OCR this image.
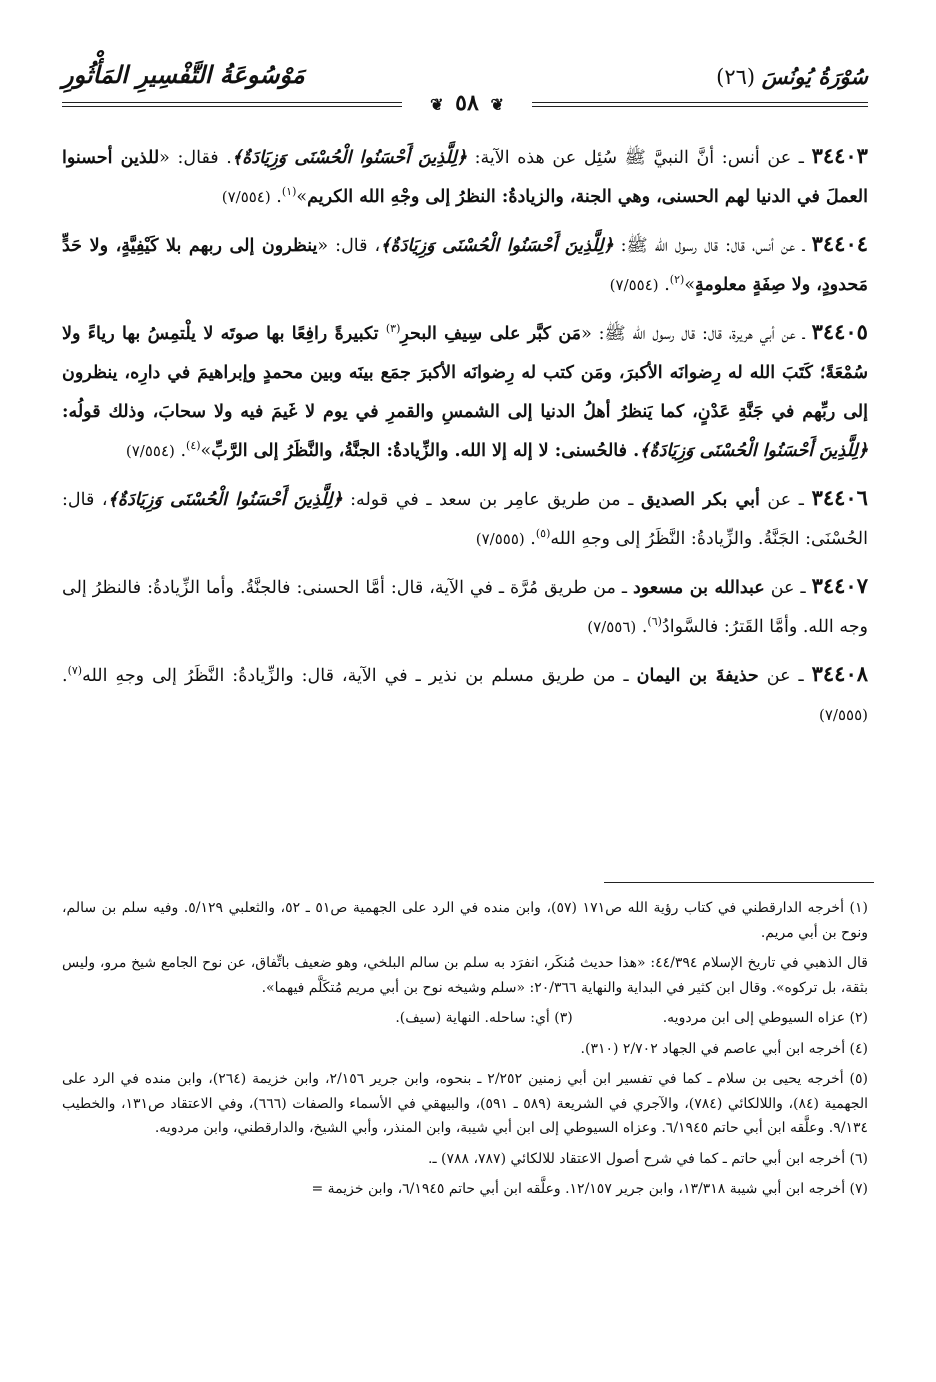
سُوْرَةُ يُونُسَ (٢٦)
مَوْسُوعَةُ التَّفْسِيرِ المَأْثُورِ
❦ ٥٨ ❦

٣٤٤٠٣ ـ عن أنس: أنَّ النبيَّ ﷺ سُئِل عن هذه الآية: ﴿لِلَّذِينَ أَحْسَنُوا الْحُسْنَى وَزِيَادَةٌ﴾. فقال: «للذين أحسنوا العملَ في الدنيا لهم الحسنى، وهي الجنة، والزيادةُ: النظرُ إلى وجْهِ الله الكريم»$^{(١)}$. (٧/٥٥٤)

٣٤٤٠٤ ـ عن أنس، قال: قال رسول الله ﷺ: ﴿لِلَّذِينَ أَحْسَنُوا الْحُسْنَى وَزِيَادَةٌ﴾، قال: «ينظرون إلى ربهم بلا كَيْفِيَّةٍ، ولا حَدٍّ مَحدودٍ، ولا صِفَةٍ معلومةٍ»$^{(٢)}$. (٧/٥٥٤)

٣٤٤٠٥ ـ عن أبي هريرة، قال: قال رسول الله ﷺ: «مَن كبَّر على سِيفِ البحرِ$^{(٣)}$ تكبيرةً رافِعًا بها صوتَه لا يلْتمِسُ بها رياءً ولا سُمْعَةً؛ كَتَبَ الله له رِضوانَه الأكبرَ، ومَن كتب له رِضوانَه الأكبرَ جمَع بينَه وبين محمدٍ وإبراهيمَ في دارِه، ينظرون إلى ربِّهم في جَنَّةِ عَدْنٍ، كما يَنظرُ أهلُ الدنيا إلى الشمسِ والقمرِ في يوم لا غَيمَ فيه ولا سحابَ، وذلك قولُه: ﴿لِلَّذِينَ أَحْسَنُوا الْحُسْنَى وَزِيَادَةٌ﴾. فالحُسنى: لا إله إلا الله. والزِّيادةُ: الجنَّةُ، والنَّظَرُ إلى الرَّبِّ»$^{(٤)}$. (٧/٥٥٤)

٣٤٤٠٦ ـ عن أبي بكر الصديق ـ من طريق عامِر بن سعد ـ في قوله: ﴿لِلَّذِينَ أَحْسَنُوا الْحُسْنَى وَزِيَادَةٌ﴾، قال: الحُسْنَى: الجَنَّةُ. والزِّيادةُ: النَّظَرُ إلى وجهِ الله$^{(٥)}$. (٧/٥٥٥)

٣٤٤٠٧ ـ عن عبدالله بن مسعود ـ من طريق مُرَّة ـ في الآية، قال: أمَّا الحسنى: فالجنَّةُ. وأما الزِّيادةُ: فالنظرُ إلى وجه الله. وأمَّا القَترُ: فالسَّوادُ$^{(٦)}$. (٧/٥٥٦)

٣٤٤٠٨ ـ عن حذيفةَ بن اليمان ـ من طريق مسلم بن نذير ـ في الآية، قال: والزِّيادةُ: النَّظَرُ إلى وجهِ الله$^{(٧)}$. (٧/٥٥٥)

(١) أخرجه الدارقطني في كتاب رؤية الله ص١٧١ (٥٧)، وابن منده في الرد على الجهمية ص٥١ ـ ٥٢، والثعلبي ٥/١٢٩. وفيه سلم بن سالم، ونوح بن أبي مريم.

قال الذهبي في تاريخ الإسلام ٤٤/٣٩٤: «هذا حديث مُنكَر، انفرَد به سلم بن سالم البلخي، وهو ضعيف باتِّفاق، عن نوح الجامع شيخ مرو، وليس بثقة، بل تركوه». وقال ابن كثير في البداية والنهاية ٢٠/٣٦٦: «سلم وشيخه نوح بن أبي مريم مُتكَلَّم فيهما».

(٢) عزاه السيوطي إلى ابن مردويه.

(٣) أي: ساحله. النهاية (سيف).

(٤) أخرجه ابن أبي عاصم في الجهاد ٢/٧٠٢ (٣١٠).

(٥) أخرجه يحيى بن سلام ـ كما في تفسير ابن أبي زمنين ٢/٢٥٢ ـ بنحوه، وابن جرير ٢/١٥٦، وابن خزيمة (٢٦٤)، وابن منده في الرد على الجهمية (٨٤)، واللالكائي (٧٨٤)، والآجري في الشريعة (٥٨٩ ـ ٥٩١)، والبيهقي في الأسماء والصفات (٦٦٦)، وفي الاعتقاد ص١٣١، والخطيب ٩/١٣٤. وعلَّقه ابن أبي حاتم ٦/١٩٤٥. وعزاه السيوطي إلى ابن أبي شيبة، وابن المنذر، وأبي الشيخ، والدارقطني، وابن مردويه.

(٦) أخرجه ابن أبي حاتم ـ كما في شرح أصول الاعتقاد للالكائي (٧٨٧، ٧٨٨) ـ.

(٧) أخرجه ابن أبي شيبة ١٣/٣١٨، وابن جرير ١٢/١٥٧. وعلَّقه ابن أبي حاتم ٦/١٩٤٥، وابن خزيمة =
